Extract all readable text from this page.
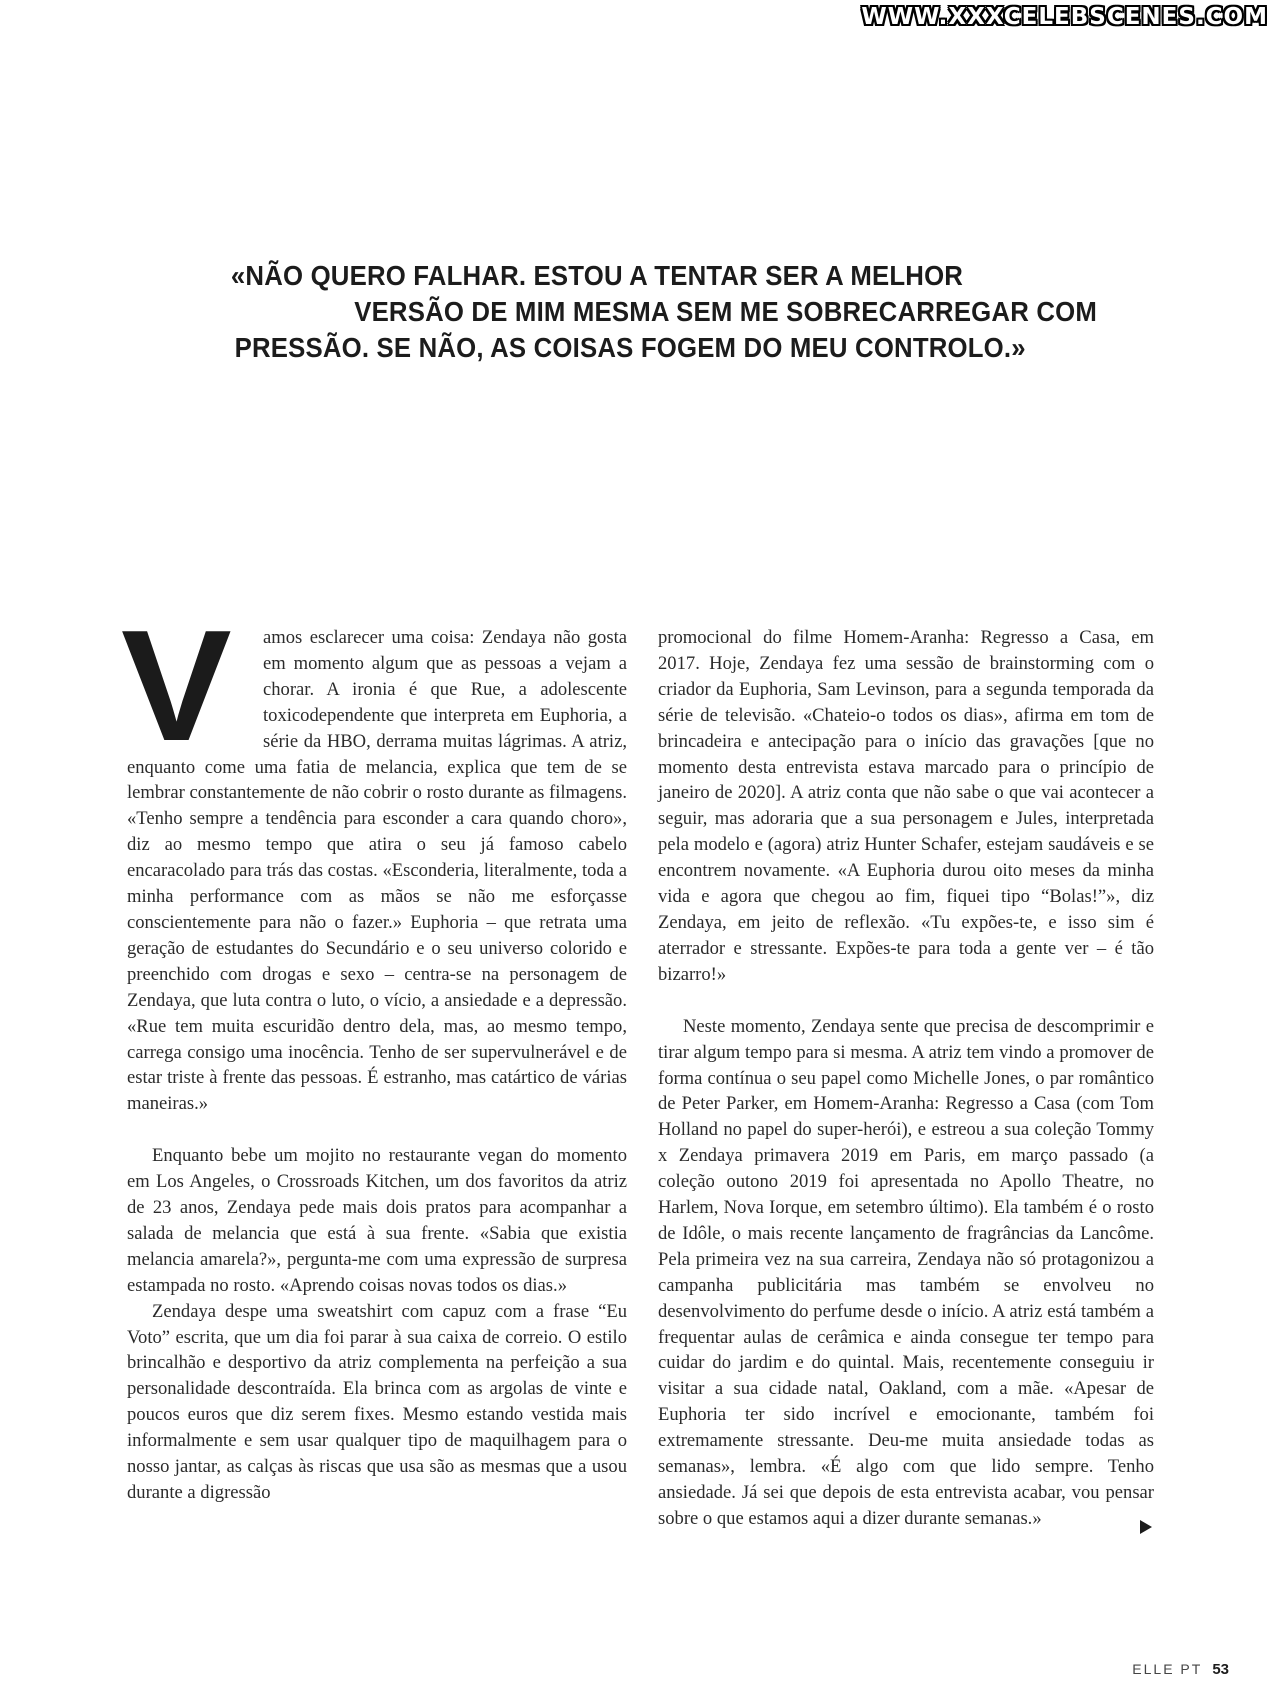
WWW.XXXCELEBSCENES.COM
«NÃO QUERO FALHAR. ESTOU A TENTAR SER A MELHOR
VERSÃO DE MIM MESMA SEM ME SOBRECARREGAR COM
PRESSÃO. SE NÃO, AS COISAS FOGEM DO MEU CONTROLO.»

V	amos esclarecer uma coisa: Zendaya não gosta em momento algum que as pessoas a vejam a chorar. A ironia é que Rue, a adolescente toxicodependente que interpreta em Euphoria, a série da HBO, derrama muitas lágrimas. A atriz, enquanto come uma fatia de melancia, explica que tem de se lembrar constantemente de não cobrir o rosto durante as filmagens. «Tenho sempre a tendência para esconder a cara quando choro», diz ao mesmo tempo que atira o seu já famoso cabelo encaracolado para trás das costas. «Esconderia, literalmente, toda a minha performance com as mãos se não me esforçasse conscientemente para não o fazer.» Euphoria – que retrata uma geração de estudantes do Secundário e o seu universo colorido e preenchido com drogas e sexo – centra-se na personagem de Zendaya, que luta contra o luto, o vício, a ansiedade e a depressão. «Rue tem muita escuridão dentro dela, mas, ao mesmo tempo, carrega consigo uma inocência. Tenho de ser supervulnerável e de estar triste à frente das pessoas. É estranho, mas catártico de várias maneiras.»

Enquanto bebe um mojito no restaurante vegan do momento em Los Angeles, o Crossroads Kitchen, um dos favoritos da atriz de 23 anos, Zendaya pede mais dois pratos para acompanhar a salada de melancia que está à sua frente. «Sabia que existia melancia amarela?», pergunta-me com uma expressão de surpresa estampada no rosto. «Aprendo coisas novas todos os dias.»

Zendaya despe uma sweatshirt com capuz com a frase “Eu Voto” escrita, que um dia foi parar à sua caixa de correio. O estilo brincalhão e desportivo da atriz complementa na perfeição a sua personalidade descontraída. Ela brinca com as argolas de vinte e poucos euros que diz serem fixes. Mesmo estando vestida mais informalmente e sem usar qualquer tipo de maquilhagem para o nosso jantar, as calças às riscas que usa são as mesmas que a usou durante a digressão

promocional do filme Homem-Aranha: Regresso a Casa, em 2017. Hoje, Zendaya fez uma sessão de brainstorming com o criador da Euphoria, Sam Levinson, para a segunda temporada da série de televisão. «Chateio-o todos os dias», afirma em tom de brincadeira e antecipação para o início das gravações [que no momento desta entrevista estava marcado para o princípio de janeiro de 2020]. A atriz conta que não sabe o que vai acontecer a seguir, mas adoraria que a sua personagem e Jules, interpretada pela modelo e (agora) atriz Hunter Schafer, estejam saudáveis e se encontrem novamente. «A Euphoria durou oito meses da minha vida e agora que chegou ao fim, fiquei tipo “Bolas!”», diz Zendaya, em jeito de reflexão. «Tu expões-te, e isso sim é aterrador e stressante. Expões-te para toda a gente ver – é tão bizarro!»

Neste momento, Zendaya sente que precisa de descomprimir e tirar algum tempo para si mesma. A atriz tem vindo a promover de forma contínua o seu papel como Michelle Jones, o par romântico de Peter Parker, em Homem-Aranha: Regresso a Casa (com Tom Holland no papel do super-herói), e estreou a sua coleção Tommy x Zendaya primavera 2019 em Paris, em março passado (a coleção outono 2019 foi apresentada no Apollo Theatre, no Harlem, Nova Iorque, em setembro último). Ela também é o rosto de Idôle, o mais recente lançamento de fragrâncias da Lancôme. Pela primeira vez na sua carreira, Zendaya não só protagonizou a campanha publicitária mas também se envolveu no desenvolvimento do perfume desde o início. A atriz está também a frequentar aulas de cerâmica e ainda consegue ter tempo para cuidar do jardim e do quintal. Mais, recentemente conseguiu ir visitar a sua cidade natal, Oakland, com a mãe. «Apesar de Euphoria ter sido incrível e emocionante, também foi extremamente stressante. Deu-me muita ansiedade todas as semanas», lembra. «É algo com que lido sempre. Tenho ansiedade. Já sei que depois de esta entrevista acabar, vou pensar sobre o que estamos aqui a dizer durante semanas.»

ELLE PT 53
